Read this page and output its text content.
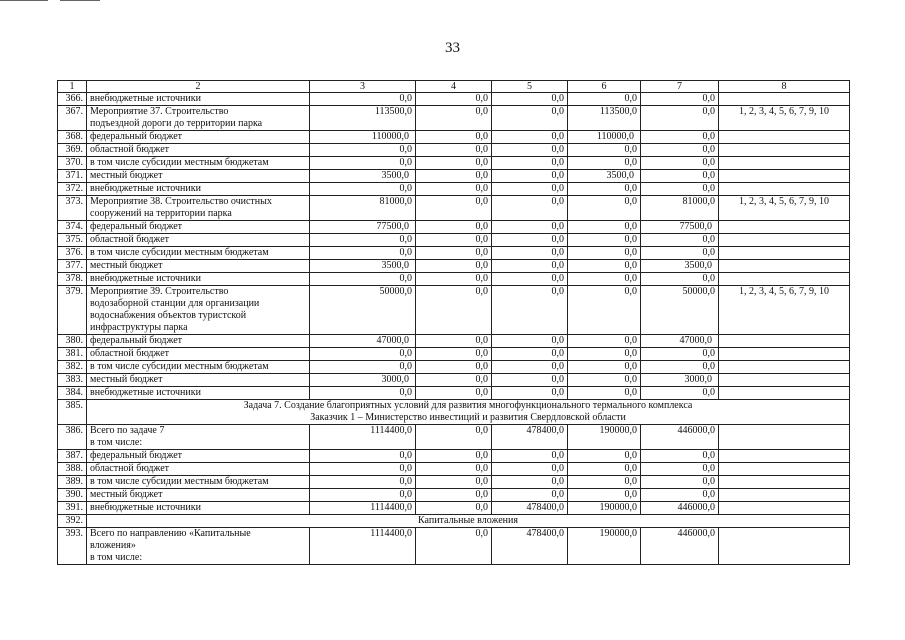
33
1	2	3	4	5	6	7	8
366.	внебюджетные источники	0,0	0,0	0,0	0,0	0,0	
367.	Мероприятие 37. Строительство
подъездной дороги до территории парка	113500,0	0,0	0,0	113500,0	0,0	1, 2, 3, 4, 5, 6, 7, 9, 10
368.	федеральный бюджет	110000,0	0,0	0,0	110000,0	0,0	
369.	областной бюджет	0,0	0,0	0,0	0,0	0,0	
370.	в том числе субсидии местным бюджетам	0,0	0,0	0,0	0,0	0,0	
371.	местный бюджет	3500,0	0,0	0,0	3500,0	0,0	
372.	внебюджетные источники	0,0	0,0	0,0	0,0	0,0	
373.	Мероприятие 38. Строительство очистных
сооружений на территории парка	81000,0	0,0	0,0	0,0	81000,0	1, 2, 3, 4, 5, 6, 7, 9, 10
374.	федеральный бюджет	77500,0	0,0	0,0	0,0	77500,0	
375.	областной бюджет	0,0	0,0	0,0	0,0	0,0	
376.	в том числе субсидии местным бюджетам	0,0	0,0	0,0	0,0	0,0	
377.	местный бюджет	3500,0	0,0	0,0	0,0	3500,0	
378.	внебюджетные источники	0,0	0,0	0,0	0,0	0,0	
379.	Мероприятие 39. Строительство
водозаборной станции для организации
водоснабжения объектов туристской
инфраструктуры парка	50000,0	0,0	0,0	0,0	50000,0	1, 2, 3, 4, 5, 6, 7, 9, 10
380.	федеральный бюджет	47000,0	0,0	0,0	0,0	47000,0	
381.	областной бюджет	0,0	0,0	0,0	0,0	0,0	
382.	в том числе субсидии местным бюджетам	0,0	0,0	0,0	0,0	0,0	
383.	местный бюджет	3000,0	0,0	0,0	0,0	3000,0	
384.	внебюджетные источники	0,0	0,0	0,0	0,0	0,0	
385.	Задача 7. Создание благоприятных условий для развития многофункционального термального комплекса
Заказчик 1 – Министерство инвестиций и развития Свердловской области						

386.	Всего по задаче 7
в том числе:	1114400,0	0,0	478400,0	190000,0	446000,0	
387.	федеральный бюджет	0,0	0,0	0,0	0,0	0,0	
388.	областной бюджет	0,0	0,0	0,0	0,0	0,0	
389.	в том числе субсидии местным бюджетам	0,0	0,0	0,0	0,0	0,0	
390.	местный бюджет	0,0	0,0	0,0	0,0	0,0	
391.	внебюджетные источники	1114400,0	0,0	478400,0	190000,0	446000,0	
392.	Капитальные вложения						

393.	Всего по направлению «Капитальные
вложения»
в том числе:	1114400,0	0,0	478400,0	190000,0	446000,0	
